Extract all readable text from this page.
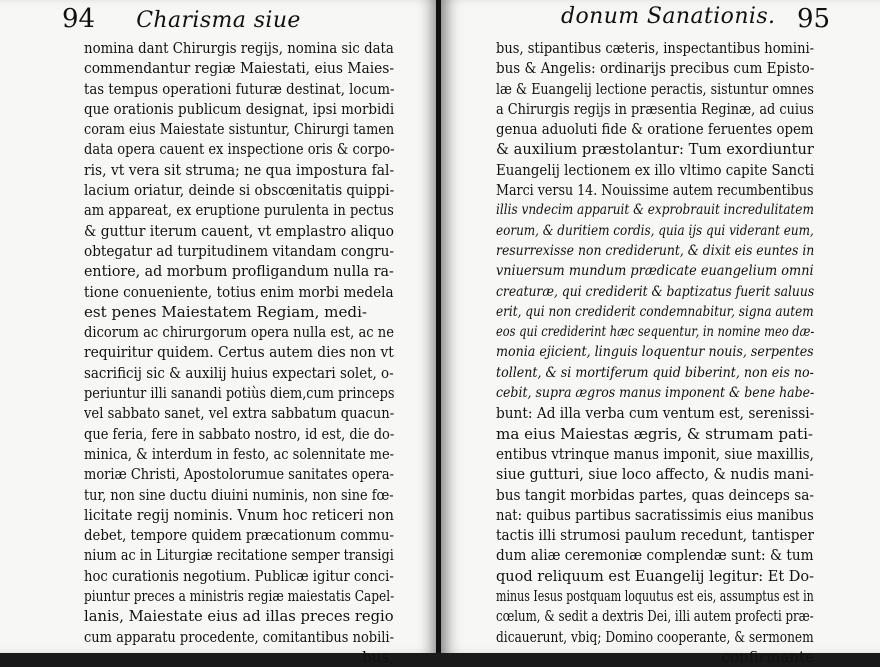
94 Charisma siue
nomina dant Chirurgis regijs, nomina sic data
commendantur regiæ Maiestati, eius Maies-
tas tempus operationi futuræ destinat, locum-
que orationis publicum designat, ipsi morbidi
coram eius Maiestate sistuntur, Chirurgi tamen
data opera cauent ex inspectione oris & corpo-
ris, vt vera sit struma; ne qua impostura fal-
lacium oriatur, deinde si obscœnitatis quippi-
am appareat, ex eruptione purulenta in pectus
& guttur iterum cauent, vt emplastro aliquo
obtegatur ad turpitudinem vitandam congru-
entiore, ad morbum profligandum nulla ra-
tione conueniente, totius enim morbi medela
est penes Maiestatem Regiam, medi-
dicorum ac chirurgorum opera nulla est, ac ne
requiritur quidem. Certus autem dies non vt
sacrificij sic & auxilij huius expectari solet, o-
periuntur illi sanandi potiùs diem,cum princeps
vel sabbato sanet, vel extra sabbatum quacun-
que feria, fere in sabbato nostro, id est, die do-
minica, & interdum in festo, ac solennitate me-
moriæ Christi, Apostolorumue sanitates opera-
tur, non sine ductu diuini numinis, non sine fœ-
licitate regij nominis. Vnum hoc reticeri non
debet, tempore quidem præcationum commu-
nium ac in Liturgiæ recitatione semper transigi
hoc curationis negotium. Publicæ igitur conci-
piuntur preces a ministris regiæ maiestatis Capel-
lanis, Maiestate eius ad illas preces regio
cum apparatu procedente, comitantibus nobili-
bus,
donum Sanationis. 95
bus, stipantibus cæteris, inspectantibus homini-
bus & Angelis: ordinarijs precibus cum Episto-
læ & Euangelij lectione peractis, sistuntur omnes
a Chirurgis regijs in præsentia Reginæ, ad cuius
genua aduoluti fide & oratione feruentes opem
& auxilium præstolantur: Tum exordiuntur
Euangelij lectionem ex illo vltimo capite Sancti
Marci versu 14. Nouissime autem recumbentibus
illis vndecim apparuit & exprobrauit incredulitatem
eorum, & duritiem cordis, quia ijs qui viderant eum,
resurrexisse non crediderunt, & dixit eis euntes in
vniuersum mundum prædicate euangelium omni
creaturæ, qui crediderit & baptizatus fuerit saluus
erit, qui non crediderit condemnabitur, signa autem
eos qui crediderint hæc sequentur, in nomine meo dæ-
monia ejicient, linguis loquentur nouis, serpentes
tollent, & si mortiferum quid biberint, non eis no-
cebit, supra ægros manus imponent & bene habe-
bunt: Ad illa verba cum ventum est, serenissi-
ma eius Maiestas ægris, & strumam pati-
entibus vtrinque manus imponit, siue maxillis,
siue gutturi, siue loco affecto, & nudis mani-
bus tangit morbidas partes, quas deinceps sa-
nat: quibus partibus sacratissimis eius manibus
tactis illi strumosi paulum recedunt, tantisper
dum aliæ ceremoniæ complendæ sunt: & tum
quod reliquum est Euangelij legitur: Et Do-
minus Iesus postquam loquutus est eis, assumptus est in
cœlum, & sedit a dextris Dei, illi autem profecti præ-
dicauerunt, vbiq; Domino cooperante, & sermonem
confirmante
